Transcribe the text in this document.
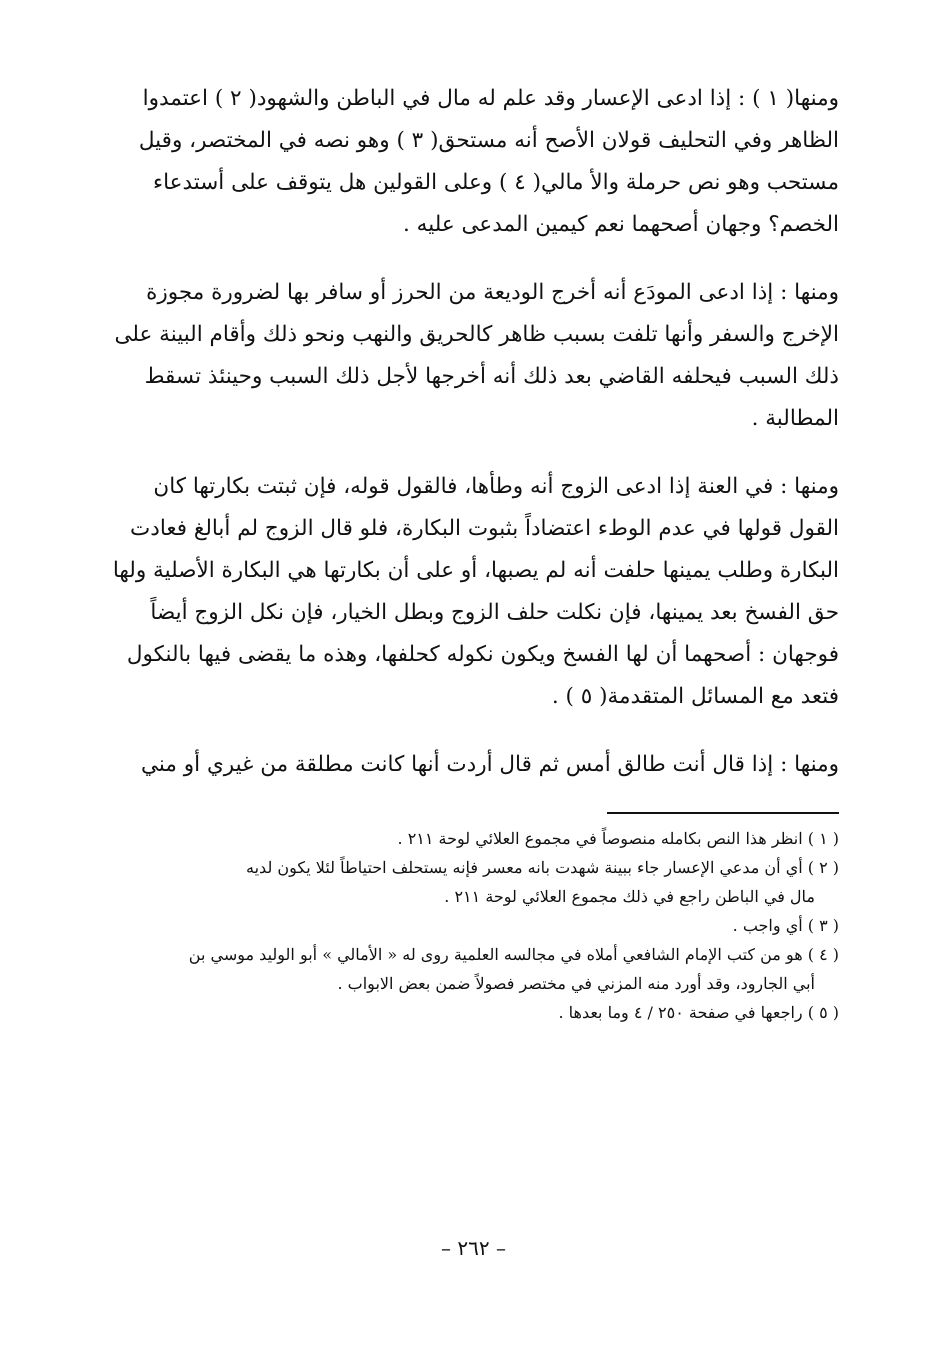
ومنها( ١ ) : إذا ادعى الإعسار وقد علم له مال في الباطن والشهود( ٢ ) اعتمدوا

الظاهر وفي التحليف قولان الأصح أنه مستحق( ٣ ) وهو نصه في المختصر، وقيل

مستحب وهو نص حرملة والأ مالي( ٤ ) وعلى القولين هل يتوقف على أستدعاء

الخصم؟ وجهان أصحهما نعم كيمين المدعى عليه .

ومنها : إذا ادعى المودَع أنه أخرج الوديعة من الحرز أو سافر بها لضرورة مجوزة

الإخرج والسفر وأنها تلفت بسبب ظاهر كالحريق والنهب ونحو ذلك وأقام البينة على

ذلك السبب فيحلفه القاضي بعد ذلك أنه أخرجها لأجل ذلك السبب وحينئذ تسقط

المطالبة .

ومنها : في العنة إذا ادعى الزوج أنه وطأها، فالقول قوله، فإن ثبتت بكارتها كان

القول قولها في عدم الوطء اعتضاداً بثبوت البكارة، فلو قال الزوج لم أبالغ فعادت

البكارة وطلب يمينها حلفت أنه لم يصبها، أو على أن بكارتها هي البكارة الأصلية ولها

حق الفسخ بعد يمينها، فإن نكلت حلف الزوج وبطل الخيار، فإن نكل الزوج أيضاً

فوجهان : أصحهما أن لها الفسخ ويكون نكوله كحلفها، وهذه ما يقضى فيها بالنكول

فتعد مع المسائل المتقدمة( ٥ ) .

ومنها : إذا قال أنت طالق أمس ثم قال أردت أنها كانت مطلقة من غيري أو مني

( ١ ) انظر هذا النص بكامله منصوصاً في مجموع العلائي لوحة ٢١١ .
( ٢ ) أي أن مدعي الإعسار جاء ببينة شهدت بانه معسر فإنه يستحلف احتياطاً لئلا يكون لديه
مال في الباطن راجع في ذلك مجموع العلائي لوحة ٢١١ .
( ٣ ) أي واجب .
( ٤ ) هو من كتب الإمام الشافعي أملاه في مجالسه العلمية روى له « الأمالي » أبو الوليد موسي بن
أبي الجارود، وقد أورد منه المزني في مختصر فصولاً ضمن بعض الابواب .
( ٥ ) راجعها في صفحة ٢٥٠ / ٤ وما بعدها .
– ٢٦٢ –
